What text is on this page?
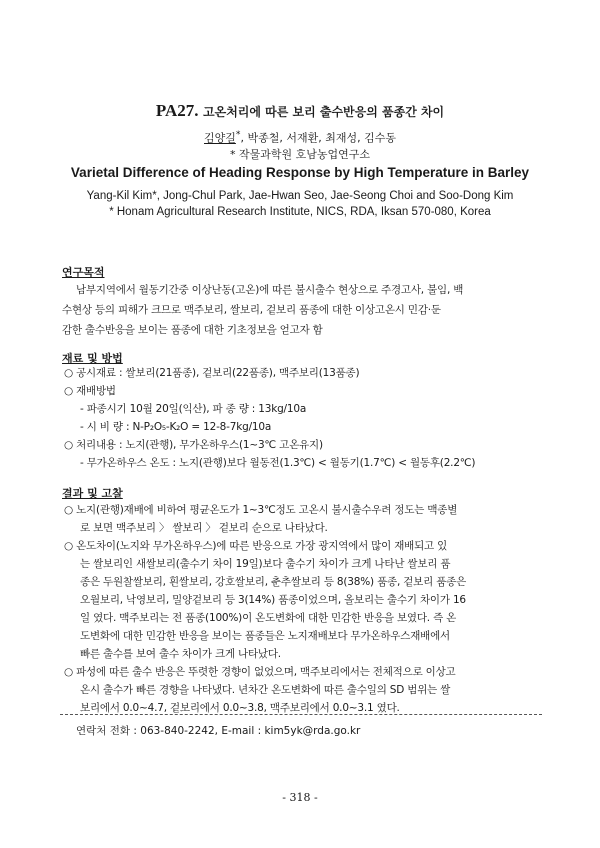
PA27. 고온처리에 따른 보리 출수반응의 품종간 차이
김양길*, 박종철, 서재환, 최재성, 김수동
* 작물과학원 호남농업연구소
Varietal Difference of Heading Response by High Temperature in Barley
Yang-Kil Kim*, Jong-Chul Park, Jae-Hwan Seo, Jae-Seong Choi and Soo-Dong Kim
* Honam Agricultural Research Institute, NICS, RDA, Iksan 570-080, Korea
연구목적
남부지역에서 월동기간중 이상난동(고온)에 따른 불시출수 현상으로 주경고사, 불임, 백
수현상 등의 피해가 크므로 맥주보리, 쌀보리, 겉보리 품종에 대한 이상고온시 민감·둔
감한 출수반응을 보이는 품종에 대한 기초정보을 얻고자 함
재료 및 방법
○ 공시재료 : 쌀보리(21품종), 겉보리(22품종), 맥주보리(13품종)
○ 재배방법
- 파종시기 10월 20일(익산), 파 종 량 : 13kg/10a
- 시 비 량 : N-P₂O₅-K₂O = 12-8-7kg/10a
○ 처리내용 : 노지(관행), 무가온하우스(1~3℃ 고온유지)
- 무가온하우스 온도 : 노지(관행)보다 월동전(1.3℃) < 월동기(1.7℃) < 월동후(2.2℃)
결과 및 고찰
○ 노지(관행)재배에 비하여 평균온도가 1~3℃정도 고온시 불시출수우려 정도는 맥종별
로 보면 맥주보리 〉 쌀보리 〉 겉보리 순으로 나타났다.
○ 온도차이(노지와 무가온하우스)에 따른 반응으로 가장 광지역에서 많이 재배되고 있
는 쌀보리인 새쌀보리(출수기 차이 19일)보다 출수기 차이가 크게 나타난 쌀보리 품
종은 두원찰쌀보리, 흰쌀보리, 강호쌀보리, 춘추쌀보리 등 8(38%) 품종, 겉보리 품종은
오월보리, 낙영보리, 밀양겉보리 등 3(14%) 품종이었으며, 올보리는 출수기 차이가 16
일 였다. 맥주보리는 전 품종(100%)이 온도변화에 대한 민감한 반응을 보였다. 즉 온
도변화에 대한 민감한 반응을 보이는 품종들은 노지재배보다 무가온하우스재배에서
빠른 출수를 보여 출수 차이가 크게 나타났다.
○ 파성에 따른 출수 반응은 뚜렷한 경향이 없었으며, 맥주보리에서는 전체적으로 이상고
온시 출수가 빠른 경향을 나타냈다. 년차간 온도변화에 따른 출수일의 SD 범위는 쌀
보리에서 0.0~4.7, 겉보리에서 0.0~3.8, 맥주보리에서 0.0~3.1 였다.
연락처 전화 : 063-840-2242, E-mail : kim5yk@rda.go.kr
- 318 -
